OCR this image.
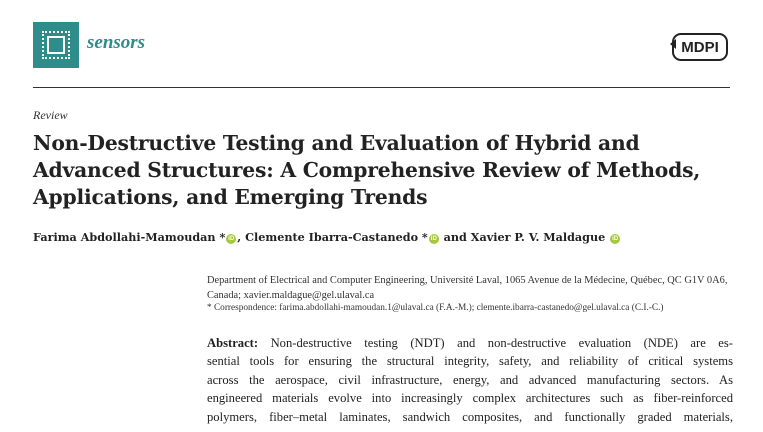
sensors	MDPI
Review
Non-Destructive Testing and Evaluation of Hybrid and Advanced Structures: A Comprehensive Review of Methods, Applications, and Emerging Trends
Farima Abdollahi-Mamoudan * iD , Clemente Ibarra-Castanedo * iD and Xavier P. V. Maldague iD
Department of Electrical and Computer Engineering, Université Laval, 1065 Avenue de la Médecine, Québec, QC G1V 0A6, Canada; xavier.maldague@gel.ulaval.ca
* Correspondence: farima.abdollahi-mamoudan.1@ulaval.ca (F.A.-M.); clemente.ibarra-castanedo@gel.ulaval.ca (C.I.-C.)
Abstract: Non-destructive testing (NDT) and non-destructive evaluation (NDE) are es-
sential tools for ensuring the structural integrity, safety, and reliability of critical systems
across the aerospace, civil infrastructure, energy, and advanced manufacturing sectors. As
engineered materials evolve into increasingly complex architectures such as fiber-reinforced
polymers, fiber–metal laminates, sandwich composites, and functionally graded materials,
